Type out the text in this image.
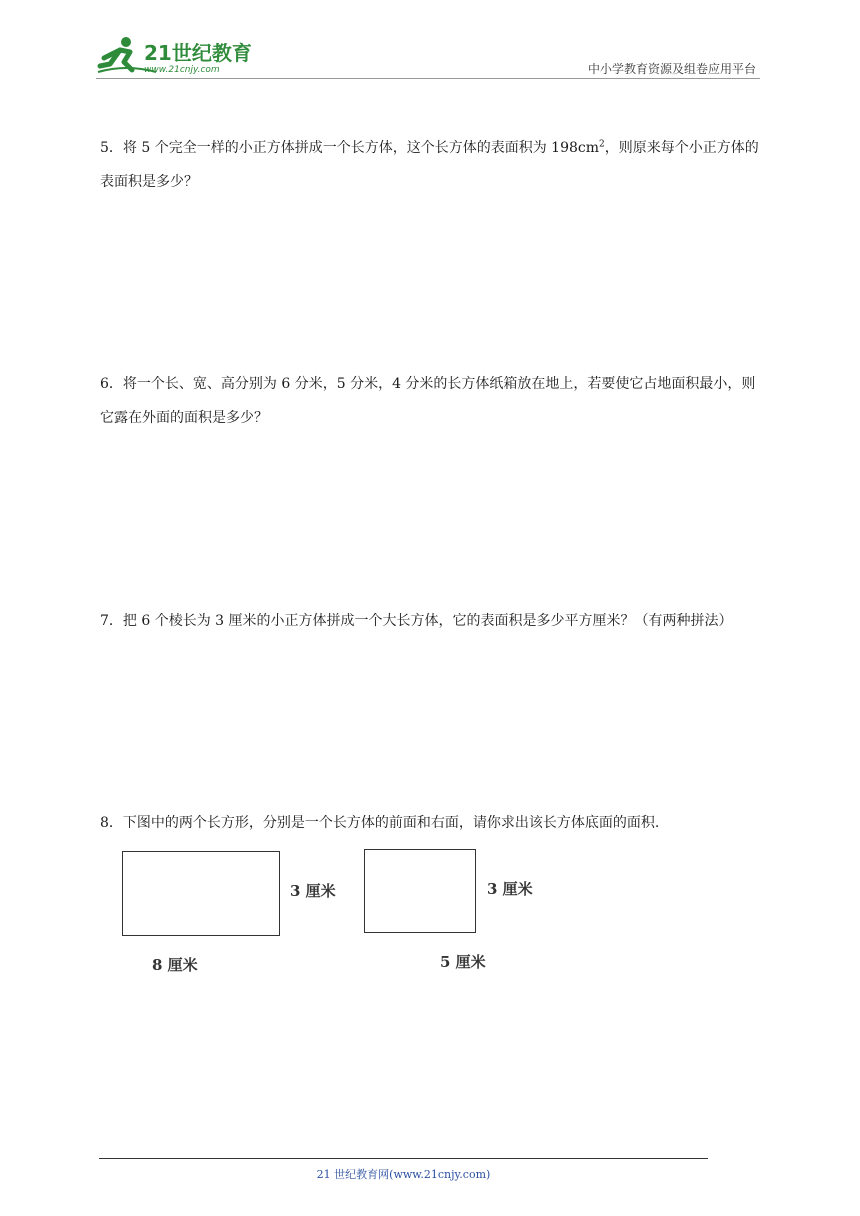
21世纪教育
www.21cnjy.com	中小学教育资源及组卷应用平台

5．将 5 个完全一样的小正方体拼成一个长方体，这个长方体的表面积为 $198cm^2$，则原来每个小正方体的表面积是多少？

6．将一个长、宽、高分别为 6 分米，5 分米，4 分米的长方体纸箱放在地上，若要使它占地面积最小，则它露在外面的面积是多少？

7．把 6 个棱长为 3 厘米的小正方体拼成一个大长方体，它的表面积是多少平方厘米？（有两种拼法）

8．下图中的两个长方形，分别是一个长方体的前面和右面，请你求出该长方体底面的面积.

3 厘米
8 厘米
3 厘米
5 厘米
21 世纪教育网(www.21cnjy.com)
